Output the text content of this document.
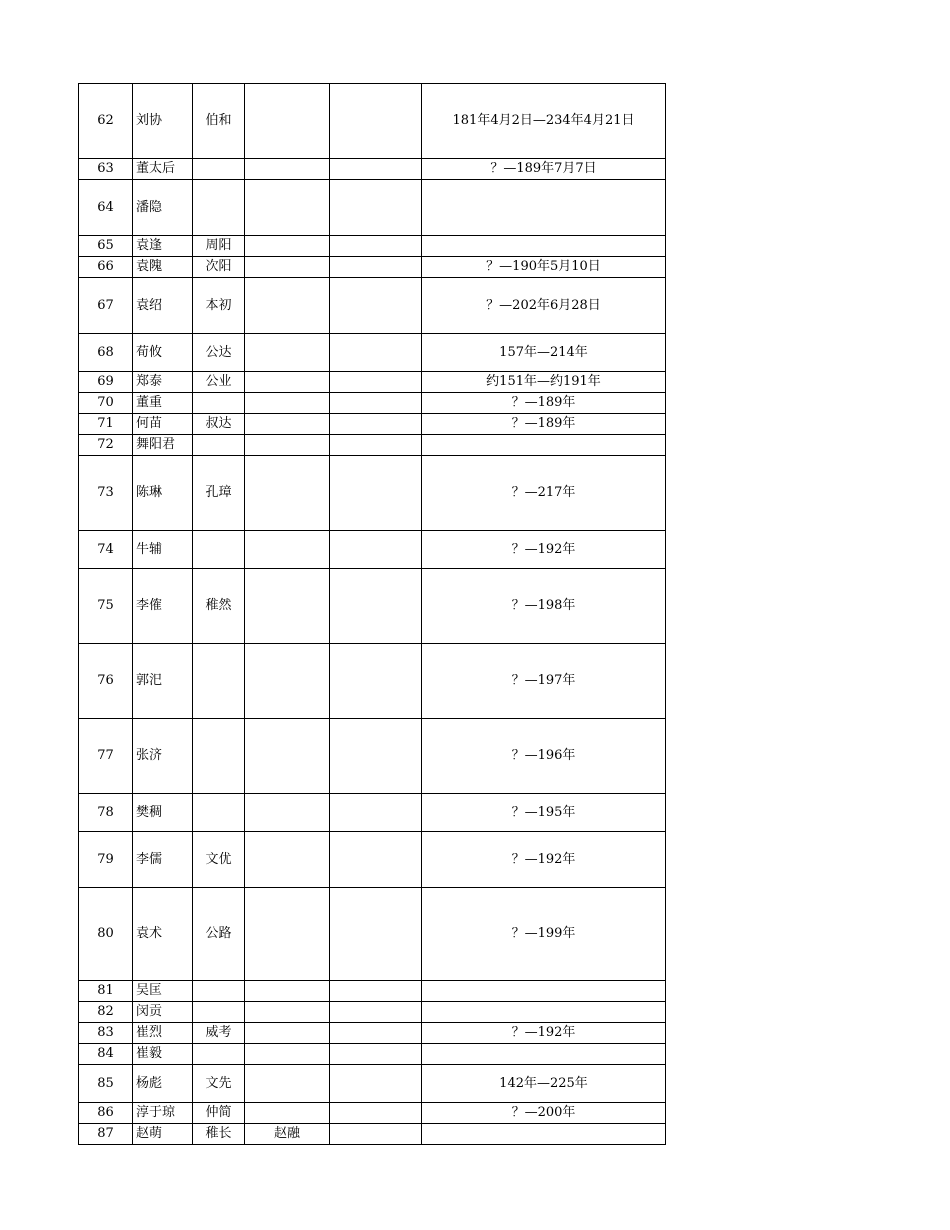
62	刘协	伯和			181年4月2日—234年4月21日
63	董太后				？—189年7月7日
64	潘隐				
65	袁逢	周阳			
66	袁隗	次阳			？—190年5月10日
67	袁绍	本初			？—202年6月28日
68	荀攸	公达			157年—214年
69	郑泰	公业			约151年—约191年
70	董重				？—189年
71	何苗	叔达			？—189年
72	舞阳君				
73	陈琳	孔璋			？—217年
74	牛辅				？—192年
75	李傕	稚然			？—198年
76	郭汜				？—197年
77	张济				？—196年
78	樊稠				？—195年
79	李儒	文优			？—192年
80	袁术	公路			？—199年
81	吴匡				
82	闵贡				
83	崔烈	威考			？—192年
84	崔毅				
85	杨彪	文先			142年—225年
86	淳于琼	仲简			？—200年
87	赵萌	稚长	赵融		
